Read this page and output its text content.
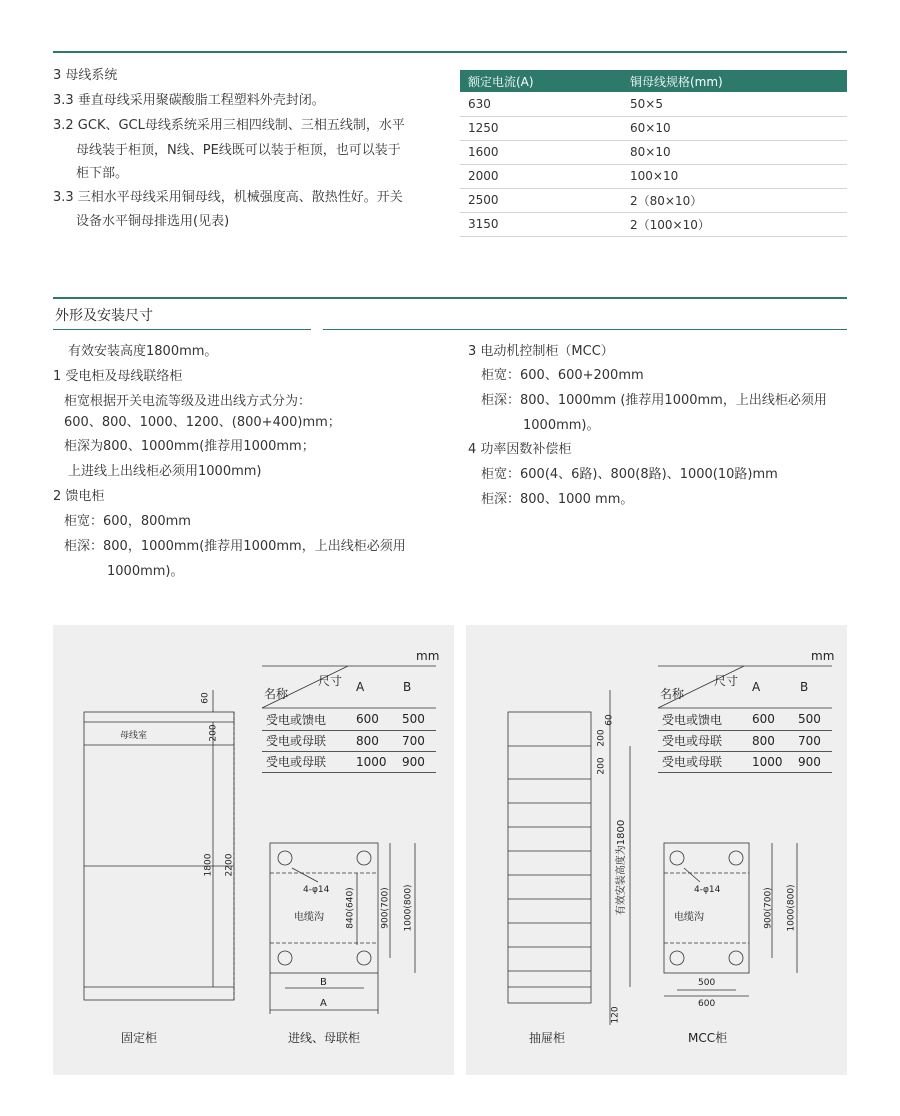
3 母线系统
3.3 垂直母线采用聚碳酸脂工程塑料外壳封闭。
3.2 GCK、GCL母线系统采用三相四线制、三相五线制，水平
母线装于柜顶，N线、PE线既可以装于柜顶，也可以装于
柜下部。
3.3 三相水平母线采用铜母线，机械强度高、散热性好。开关
设备水平铜母排选用(见表)
额定电流(A)	铜母线规格(mm)
630	50×5
1250	60×10
1600	80×10
2000	100×10
2500	2（80×10）
3150	2（100×10）
外形及安装尺寸
有效安装高度1800mm。
1 受电柜及母线联络柜
柜宽根据开关电流等级及进出线方式分为：
600、800、1000、1200、(800+400)mm；
柜深为800、1000mm(推荐用1000mm；
上进线上出线柜必须用1000mm)
2 馈电柜
柜宽：600，800mm
柜深：800，1000mm(推荐用1000mm，上出线柜必须用
1000mm)。
3 电动机控制柜（MCC）
柜宽：600、600+200mm
柜深：800、1000mm (推荐用1000mm，上出线柜必须用
1000mm)。
4 功率因数补偿柜
柜宽：600(4、6路)、800(8路)、1000(10路)mm
柜深：800、1000 mm。
mm
尺寸
名称	A	B
受电或馈电	600	500
受电或母联	800	700
受电或母联	1000	900
母线室
60
200
1800 2200
4-φ14
电缆沟 840(640)	900(700) 1000(800)
B
A
固定柜	进线、母联柜
mm
尺寸
名称	A	B
受电或馈电	600	500
受电或母联	800	700
受电或母联	1000	900
60
200
200
有效安装高度为1800
120
4-φ14
电缆沟	900(700) 1000(800)
500
600
抽屉柜	MCC柜
